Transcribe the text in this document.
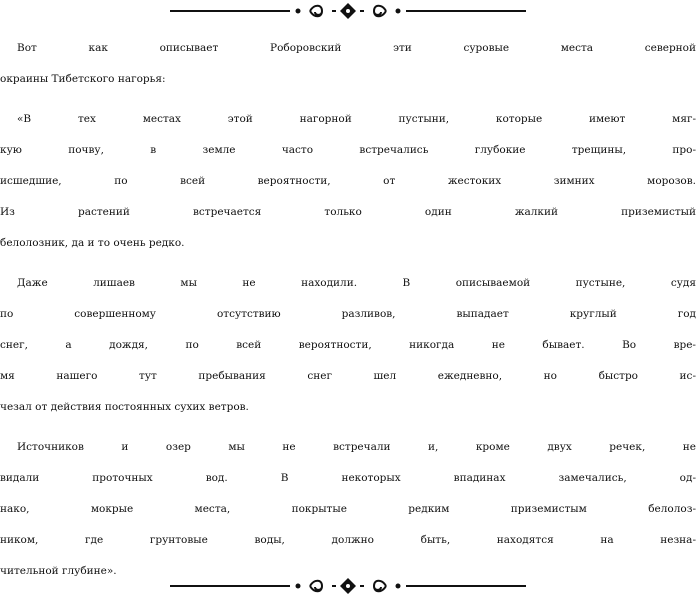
Вот как описывает Роборовский эти суровые места северной
окраины Тибетского нагорья:

«В тех местах этой нагорной пустыни, которые имеют мяг-
кую почву, в земле часто встречались глубокие трещины, про-
исшедшие, по всей вероятности, от жестоких зимних морозов.
Из растений встречается только один жалкий приземистый
белолозник, да и то очень редко.

Даже лишаев мы не находили. В описываемой пустыне, судя
по совершенному отсутствию разливов, выпадает круглый год
снег, а дождя, по всей вероятности, никогда не бывает. Во вре-
мя нашего тут пребывания снег шел ежедневно, но быстро ис-
чезал от действия постоянных сухих ветров.

Источников и озер мы не встречали и, кроме двух речек, не
видали проточных вод. В некоторых впадинах замечались, од-
нако, мокрые места, покрытые редким приземистым белолоз-
ником, где грунтовые воды, должно быть, находятся на незна-
чительной глубине».
